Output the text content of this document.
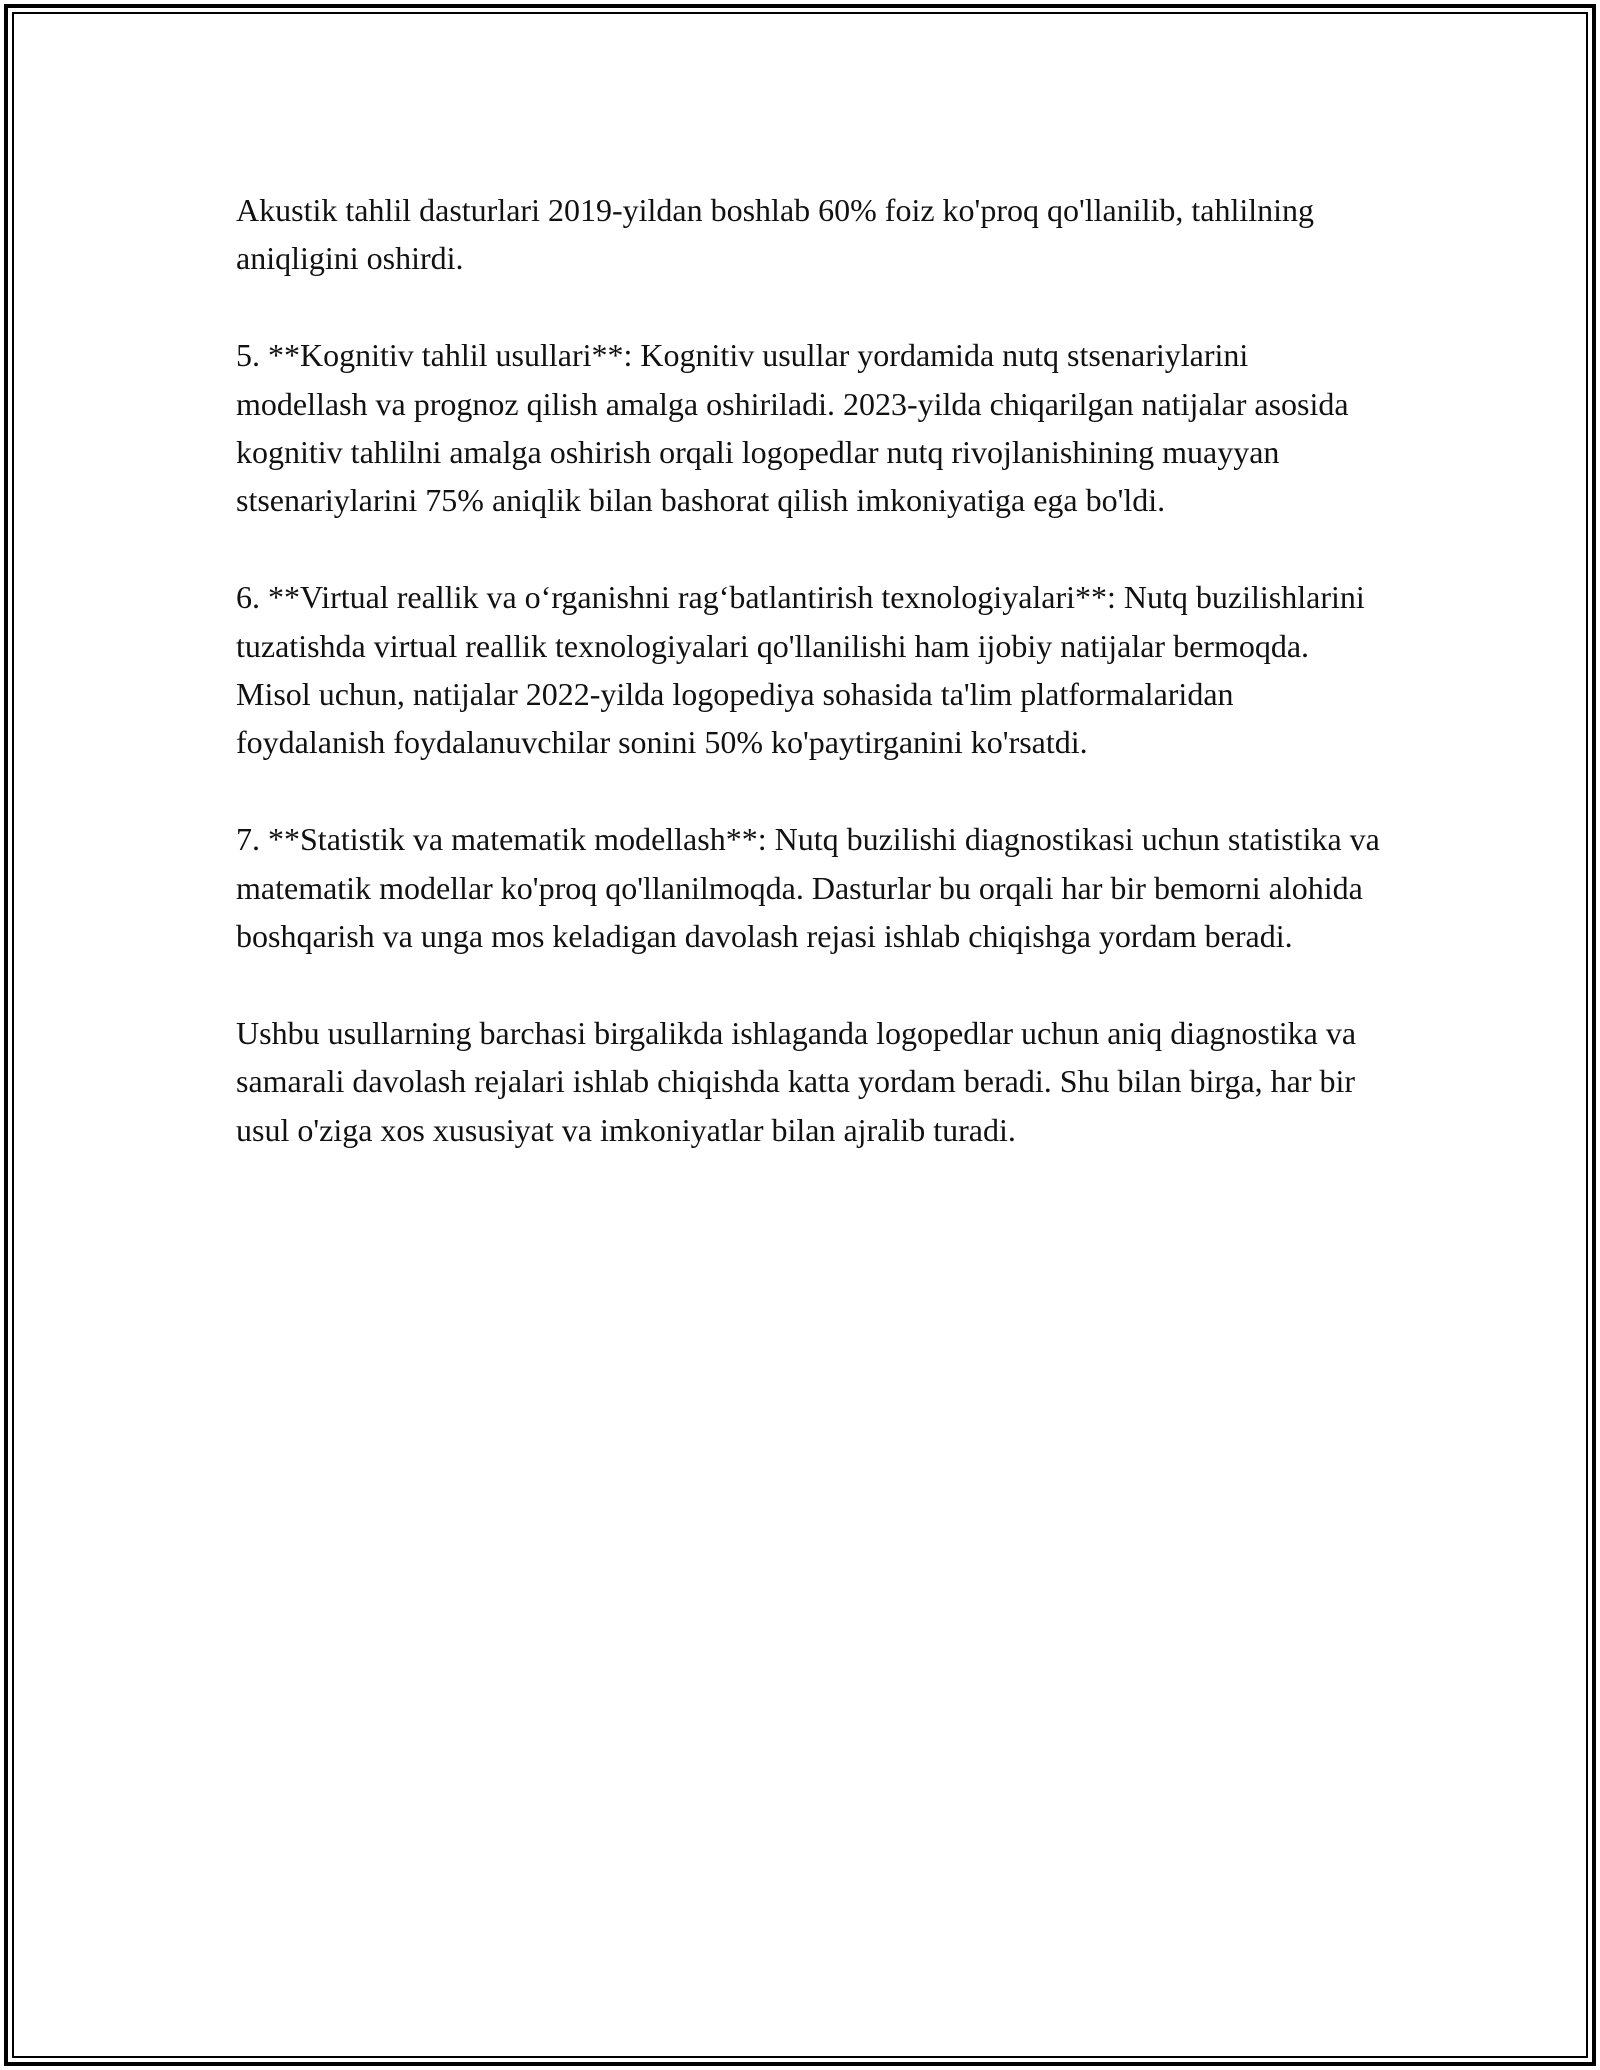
Akustik tahlil dasturlari 2019-yildan boshlab 60% foiz ko'proq qo'llanilib, tahlilning aniqligini oshirdi.

5. **Kognitiv tahlil usullari**: Kognitiv usullar yordamida nutq stsenariylarini modellash va prognoz qilish amalga oshiriladi. 2023-yilda chiqarilgan natijalar asosida kognitiv tahlilni amalga oshirish orqali logopedlar nutq rivojlanishining muayyan stsenariylarini 75% aniqlik bilan bashorat qilish imkoniyatiga ega bo'ldi.

6. **Virtual reallik va o‘rganishni rag‘batlantirish texnologiyalari**: Nutq buzilishlarini tuzatishda virtual reallik texnologiyalari qo'llanilishi ham ijobiy natijalar bermoqda. Misol uchun, natijalar 2022-yilda logopediya sohasida ta'lim platformalaridan foydalanish foydalanuvchilar sonini 50% ko'paytirganini ko'rsatdi.

7. **Statistik va matematik modellash**: Nutq buzilishi diagnostikasi uchun statistika va matematik modellar ko'proq qo'llanilmoqda. Dasturlar bu orqali har bir bemorni alohida boshqarish va unga mos keladigan davolash rejasi ishlab chiqishga yordam beradi.

Ushbu usullarning barchasi birgalikda ishlaganda logopedlar uchun aniq diagnostika va samarali davolash rejalari ishlab chiqishda katta yordam beradi. Shu bilan birga, har bir usul o'ziga xos xususiyat va imkoniyatlar bilan ajralib turadi.
